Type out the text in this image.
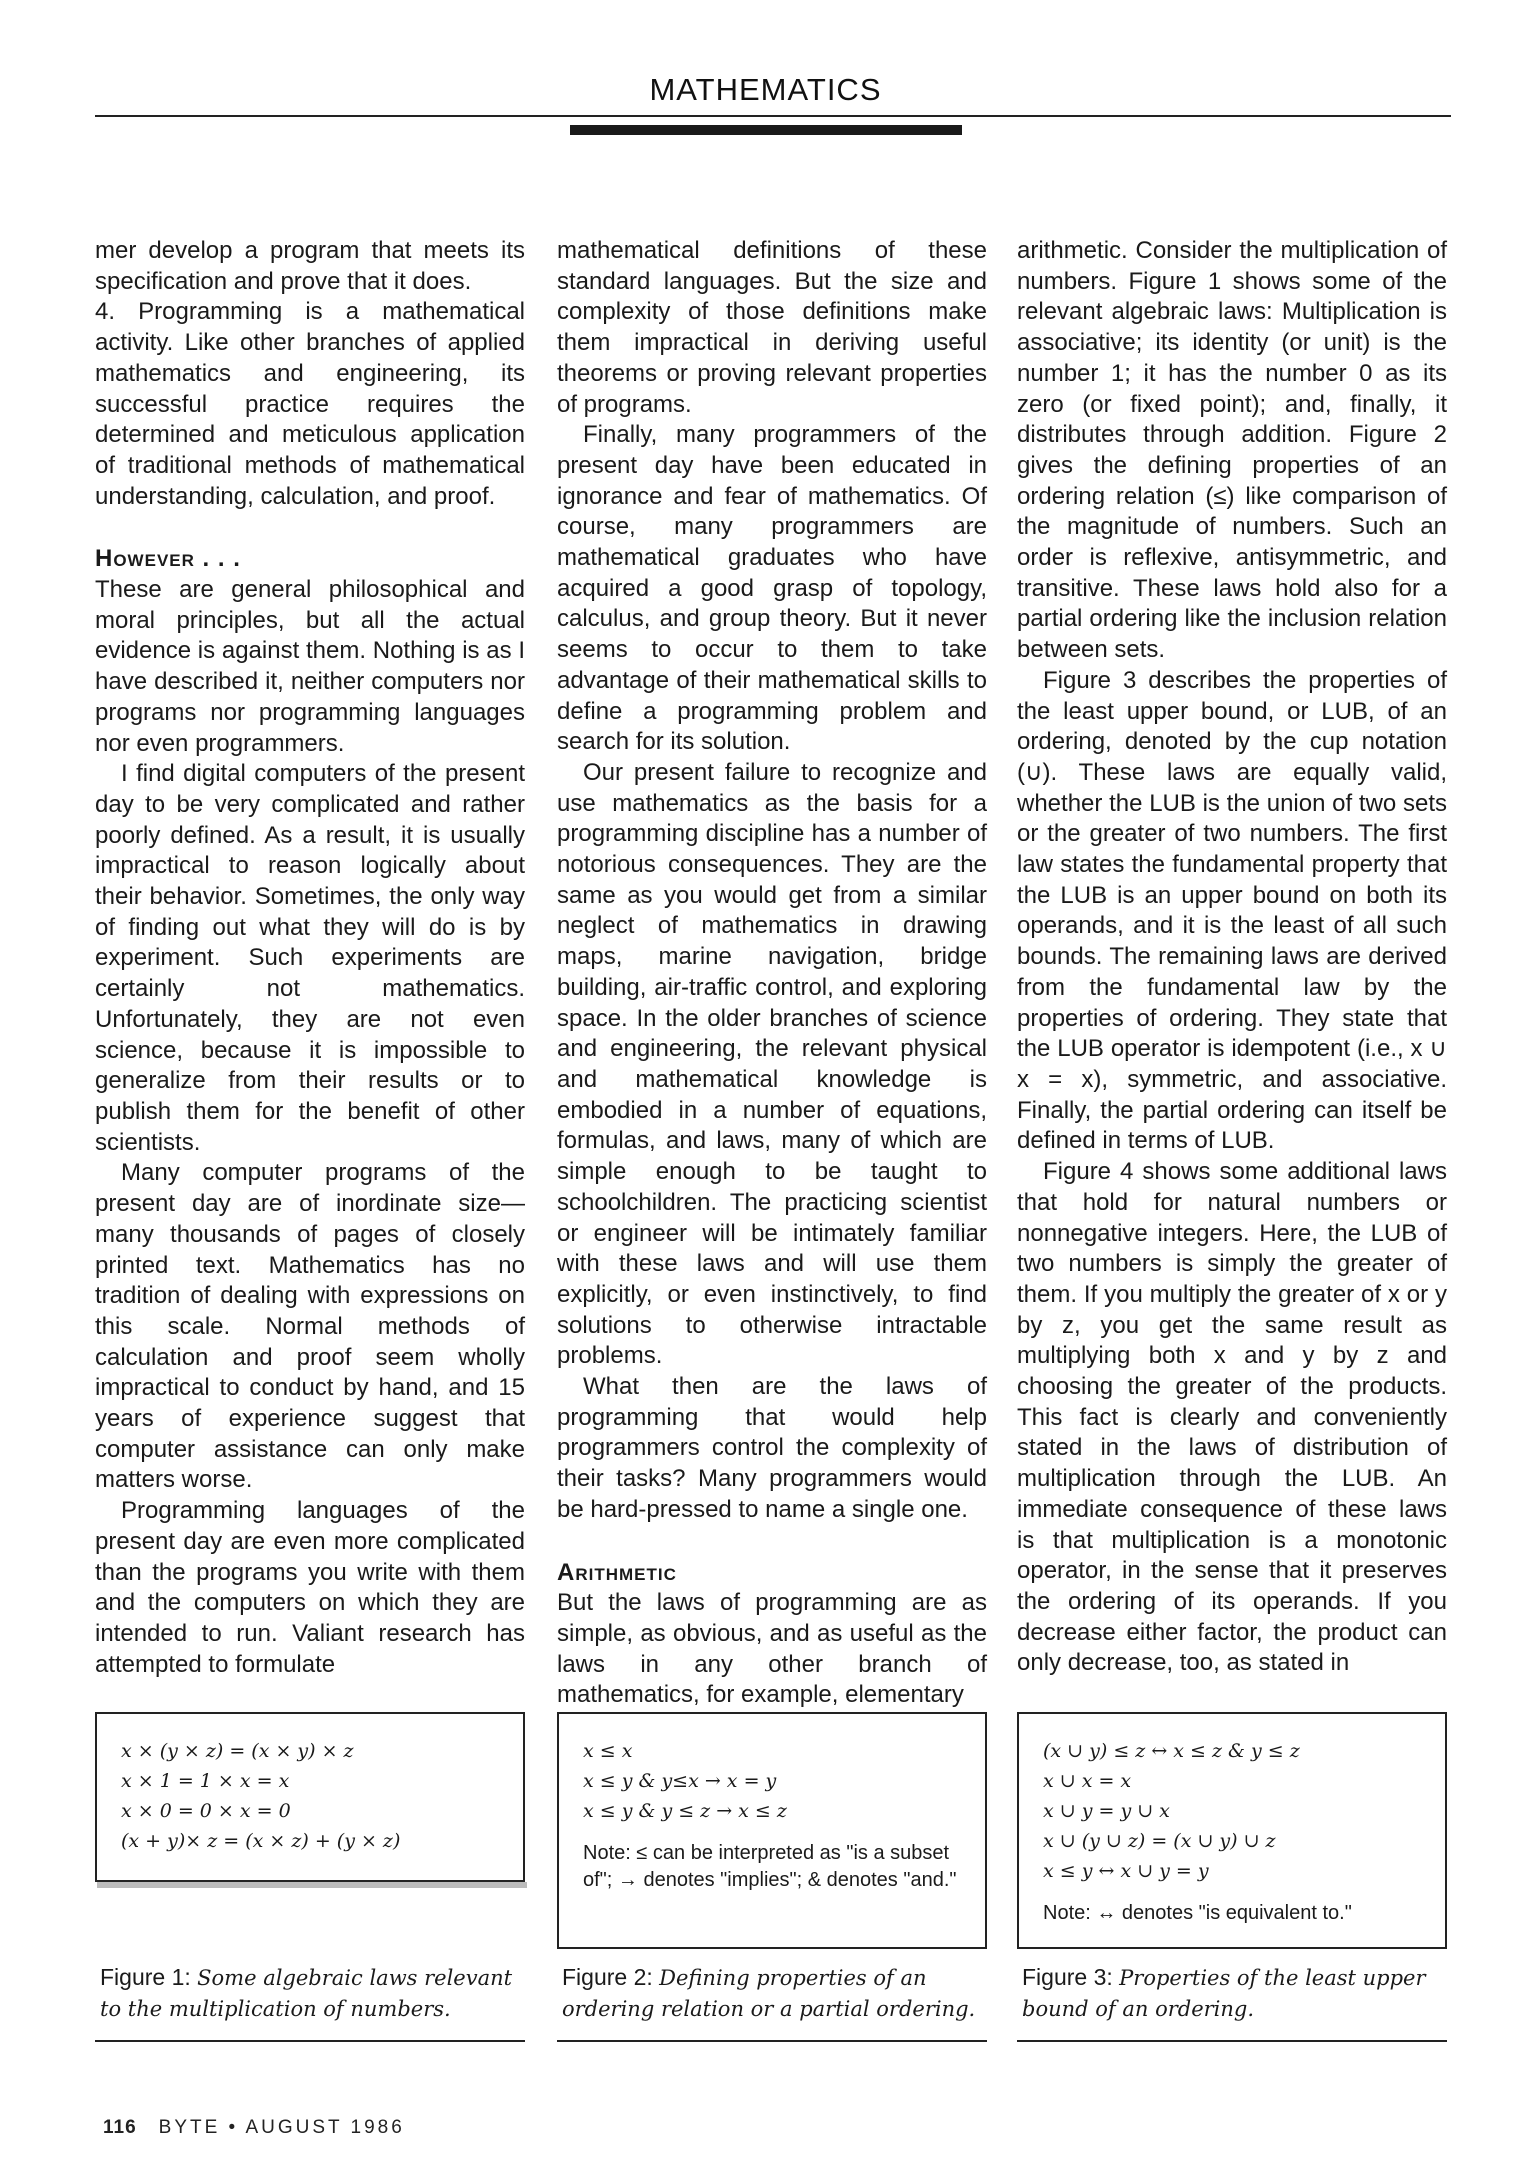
MATHEMATICS

mer develop a program that meets its specification and prove that it does.

4. Programming is a mathematical activity. Like other branches of applied mathematics and engineering, its successful practice requires the determined and meticulous application of traditional methods of mathematical understanding, calculation, and proof.

However . . .

These are general philosophical and moral principles, but all the actual evidence is against them. Nothing is as I have described it, neither computers nor programs nor programming languages nor even programmers.

I find digital computers of the present day to be very complicated and rather poorly defined. As a result, it is usually impractical to reason logically about their behavior. Sometimes, the only way of finding out what they will do is by experiment. Such experiments are certainly not mathematics. Unfortunately, they are not even science, because it is impossible to generalize from their results or to publish them for the benefit of other scientists.

Many computer programs of the present day are of inordinate size—many thousands of pages of closely printed text. Mathematics has no tradition of dealing with expressions on this scale. Normal methods of calculation and proof seem wholly impractical to conduct by hand, and 15 years of experience suggest that computer assistance can only make matters worse.

Programming languages of the present day are even more complicated than the programs you write with them and the computers on which they are intended to run. Valiant research has attempted to formulate

mathematical definitions of these standard languages. But the size and complexity of those definitions make them impractical in deriving useful theorems or proving relevant properties of programs.

Finally, many programmers of the present day have been educated in ignorance and fear of mathematics. Of course, many programmers are mathematical graduates who have acquired a good grasp of topology, calculus, and group theory. But it never seems to occur to them to take advantage of their mathematical skills to define a programming problem and search for its solution.

Our present failure to recognize and use mathematics as the basis for a programming discipline has a number of notorious consequences. They are the same as you would get from a similar neglect of mathematics in drawing maps, marine navigation, bridge building, air-traffic control, and exploring space. In the older branches of science and engineering, the relevant physical and mathematical knowledge is embodied in a number of equations, formulas, and laws, many of which are simple enough to be taught to schoolchildren. The practicing scientist or engineer will be intimately familiar with these laws and will use them explicitly, or even instinctively, to find solutions to otherwise intractable problems.

What then are the laws of programming that would help programmers control the complexity of their tasks? Many programmers would be hard-pressed to name a single one.

Arithmetic

But the laws of programming are as simple, as obvious, and as useful as the laws in any other branch of mathematics, for example, elementary

arithmetic. Consider the multiplication of numbers. Figure 1 shows some of the relevant algebraic laws: Multiplication is associative; its identity (or unit) is the number 1; it has the number 0 as its zero (or fixed point); and, finally, it distributes through addition. Figure 2 gives the defining properties of an ordering relation (≤) like comparison of the magnitude of numbers. Such an order is reflexive, antisymmetric, and transitive. These laws hold also for a partial ordering like the inclusion relation between sets.

Figure 3 describes the properties of the least upper bound, or LUB, of an ordering, denoted by the cup notation (∪). These laws are equally valid, whether the LUB is the union of two sets or the greater of two numbers. The first law states the fundamental property that the LUB is an upper bound on both its operands, and it is the least of all such bounds. The remaining laws are derived from the fundamental law by the properties of ordering. They state that the LUB operator is idempotent (i.e., x ∪ x = x), symmetric, and associative. Finally, the partial ordering can itself be defined in terms of LUB.

Figure 4 shows some additional laws that hold for natural numbers or nonnegative integers. Here, the LUB of two numbers is simply the greater of them. If you multiply the greater of x or y by z, you get the same result as multiplying both x and y by z and choosing the greater of the products. This fact is clearly and conveniently stated in the laws of distribution of multiplication through the LUB. An immediate consequence of these laws is that multiplication is a monotonic operator, in the sense that it preserves the ordering of its operands. If you decrease either factor, the product can only decrease, too, as stated in

x × (y × z) = (x × y) × z
x × 1 = 1 × x = x
x × 0 = 0 × x = 0
(x + y)× z = (x × z) + (y × z)
Figure 1: Some algebraic laws relevant to the multiplication of numbers.
x ≤ x
x ≤ y & y≤x → x = y
x ≤ y & y ≤ z → x ≤ z
Note: ≤ can be interpreted as "is a subset of"; → denotes "implies"; & denotes "and."
Figure 2: Defining properties of an ordering relation or a partial ordering.
(x ∪ y) ≤ z ↔ x ≤ z & y ≤ z
x ∪ x = x
x ∪ y = y ∪ x
x ∪ (y ∪ z) = (x ∪ y) ∪ z
x ≤ y ↔ x ∪ y = y
Note: ↔ denotes "is equivalent to."
Figure 3: Properties of the least upper bound of an ordering.
116 BYTE • AUGUST 1986
